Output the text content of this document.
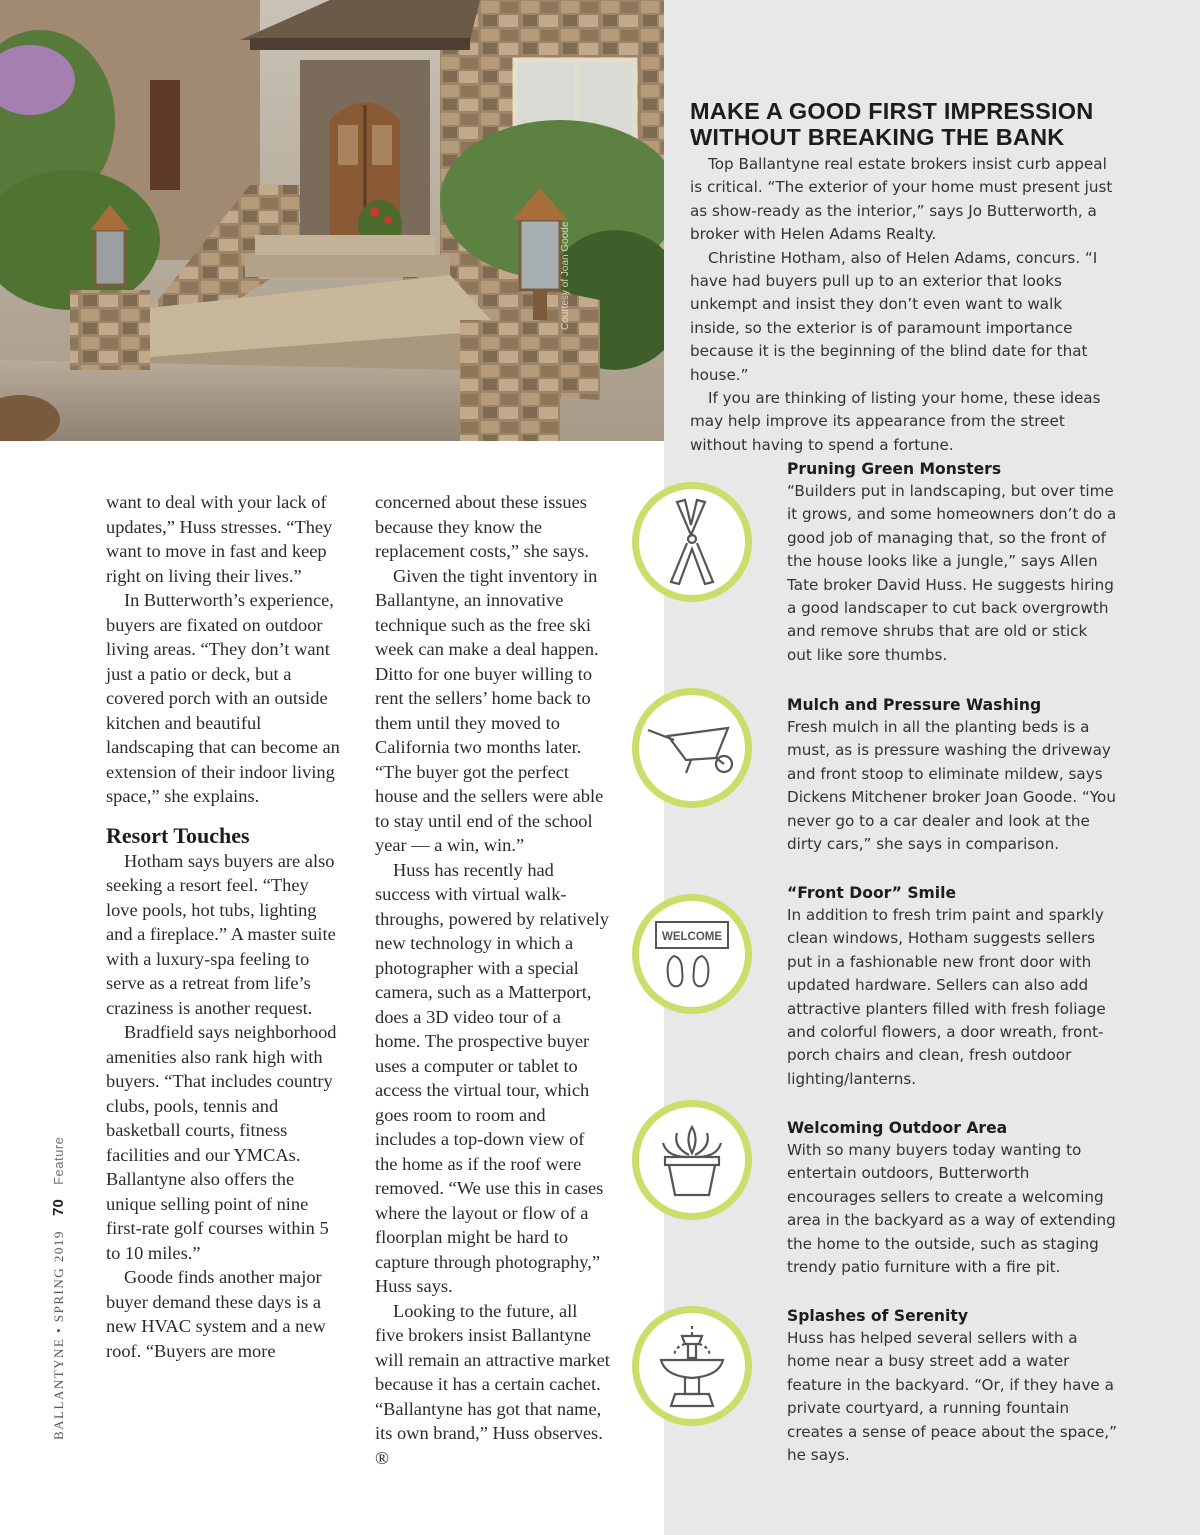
Courtesy of Joan Goode
MAKE A GOOD FIRST IMPRESSION
WITHOUT BREAKING THE BANK

Top Ballantyne real estate brokers insist curb appeal is critical. “The exterior of your home must present just as show-ready as the interior,” says Jo Butterworth, a broker with Helen Adams Realty.

Christine Hotham, also of Helen Adams, concurs. “I have had buyers pull up to an exterior that looks unkempt and insist they don’t even want to walk inside, so the exterior is of paramount importance because it is the beginning of the blind date for that house.”

If you are thinking of listing your home, these ideas may help improve its appearance from the street without having to spend a fortune.

WELCOME
Pruning Green Monsters

“Builders put in landscaping, but over time it grows, and some homeowners don’t do a good job of managing that, so the front of the house looks like a jungle,” says Allen Tate broker David Huss. He suggests hiring a good landscaper to cut back overgrowth and remove shrubs that are old or stick out like sore thumbs.

Mulch and Pressure Washing

Fresh mulch in all the planting beds is a must, as is pressure washing the driveway and front stoop to eliminate mildew, says Dickens Mitchener broker Joan Goode. “You never go to a car dealer and look at the dirty cars,” she says in comparison.

“Front Door” Smile

In addition to fresh trim paint and sparkly clean windows, Hotham suggests sellers put in a fashionable new front door with updated hardware. Sellers can also add attractive planters filled with fresh foliage and colorful flowers, a door wreath, front-porch chairs and clean, fresh outdoor lighting/lanterns.

Welcoming Outdoor Area

With so many buyers today wanting to entertain outdoors, Butterworth encourages sellers to create a welcoming area in the backyard as a way of extending the home to the outside, such as staging trendy patio furniture with a fire pit.

Splashes of Serenity

Huss has helped several sellers with a home near a busy street add a water feature in the backyard. “Or, if they have a private courtyard, a running fountain creates a sense of peace about the space,” he says.

want to deal with your lack of updates,” Huss stresses. “They want to move in fast and keep right on living their lives.”

In Butterworth’s experience, buyers are fixated on outdoor living areas. “They don’t want just a patio or deck, but a covered porch with an outside kitchen and beautiful landscaping that can become an extension of their indoor living space,” she explains.

Resort Touches

Hotham says buyers are also seeking a resort feel. “They love pools, hot tubs, lighting and a fireplace.” A master suite with a luxury-spa feeling to serve as a retreat from life’s craziness is another request.

Bradfield says neighborhood amenities also rank high with buyers. “That includes country clubs, pools, tennis and basketball courts, fitness facilities and our YMCAs. Ballantyne also offers the unique selling point of nine first-rate golf courses within 5 to 10 miles.”

Goode finds another major buyer demand these days is a new HVAC system and a new roof. “Buyers are more

concerned about these issues because they know the replacement costs,” she says.

Given the tight inventory in Ballantyne, an innovative technique such as the free ski week can make a deal happen. Ditto for one buyer willing to rent the sellers’ home back to them until they moved to California two months later. “The buyer got the perfect house and the sellers were able to stay until end of the school year — a win, win.”

Huss has recently had success with virtual walk-throughs, powered by relatively new technology in which a photographer with a special camera, such as a Matterport, does a 3D video tour of a home. The prospective buyer uses a computer or tablet to access the virtual tour, which goes room to room and includes a top-down view of the home as if the roof were removed. “We use this in cases where the layout or flow of a floorplan might be hard to capture through photography,” Huss says.

Looking to the future, all five brokers insist Ballantyne will remain an attractive market because it has a certain cachet. “Ballantyne has got that name, its own brand,” Huss observes. ®

BALLANTYNE • SPRING 2019   70   Feature
